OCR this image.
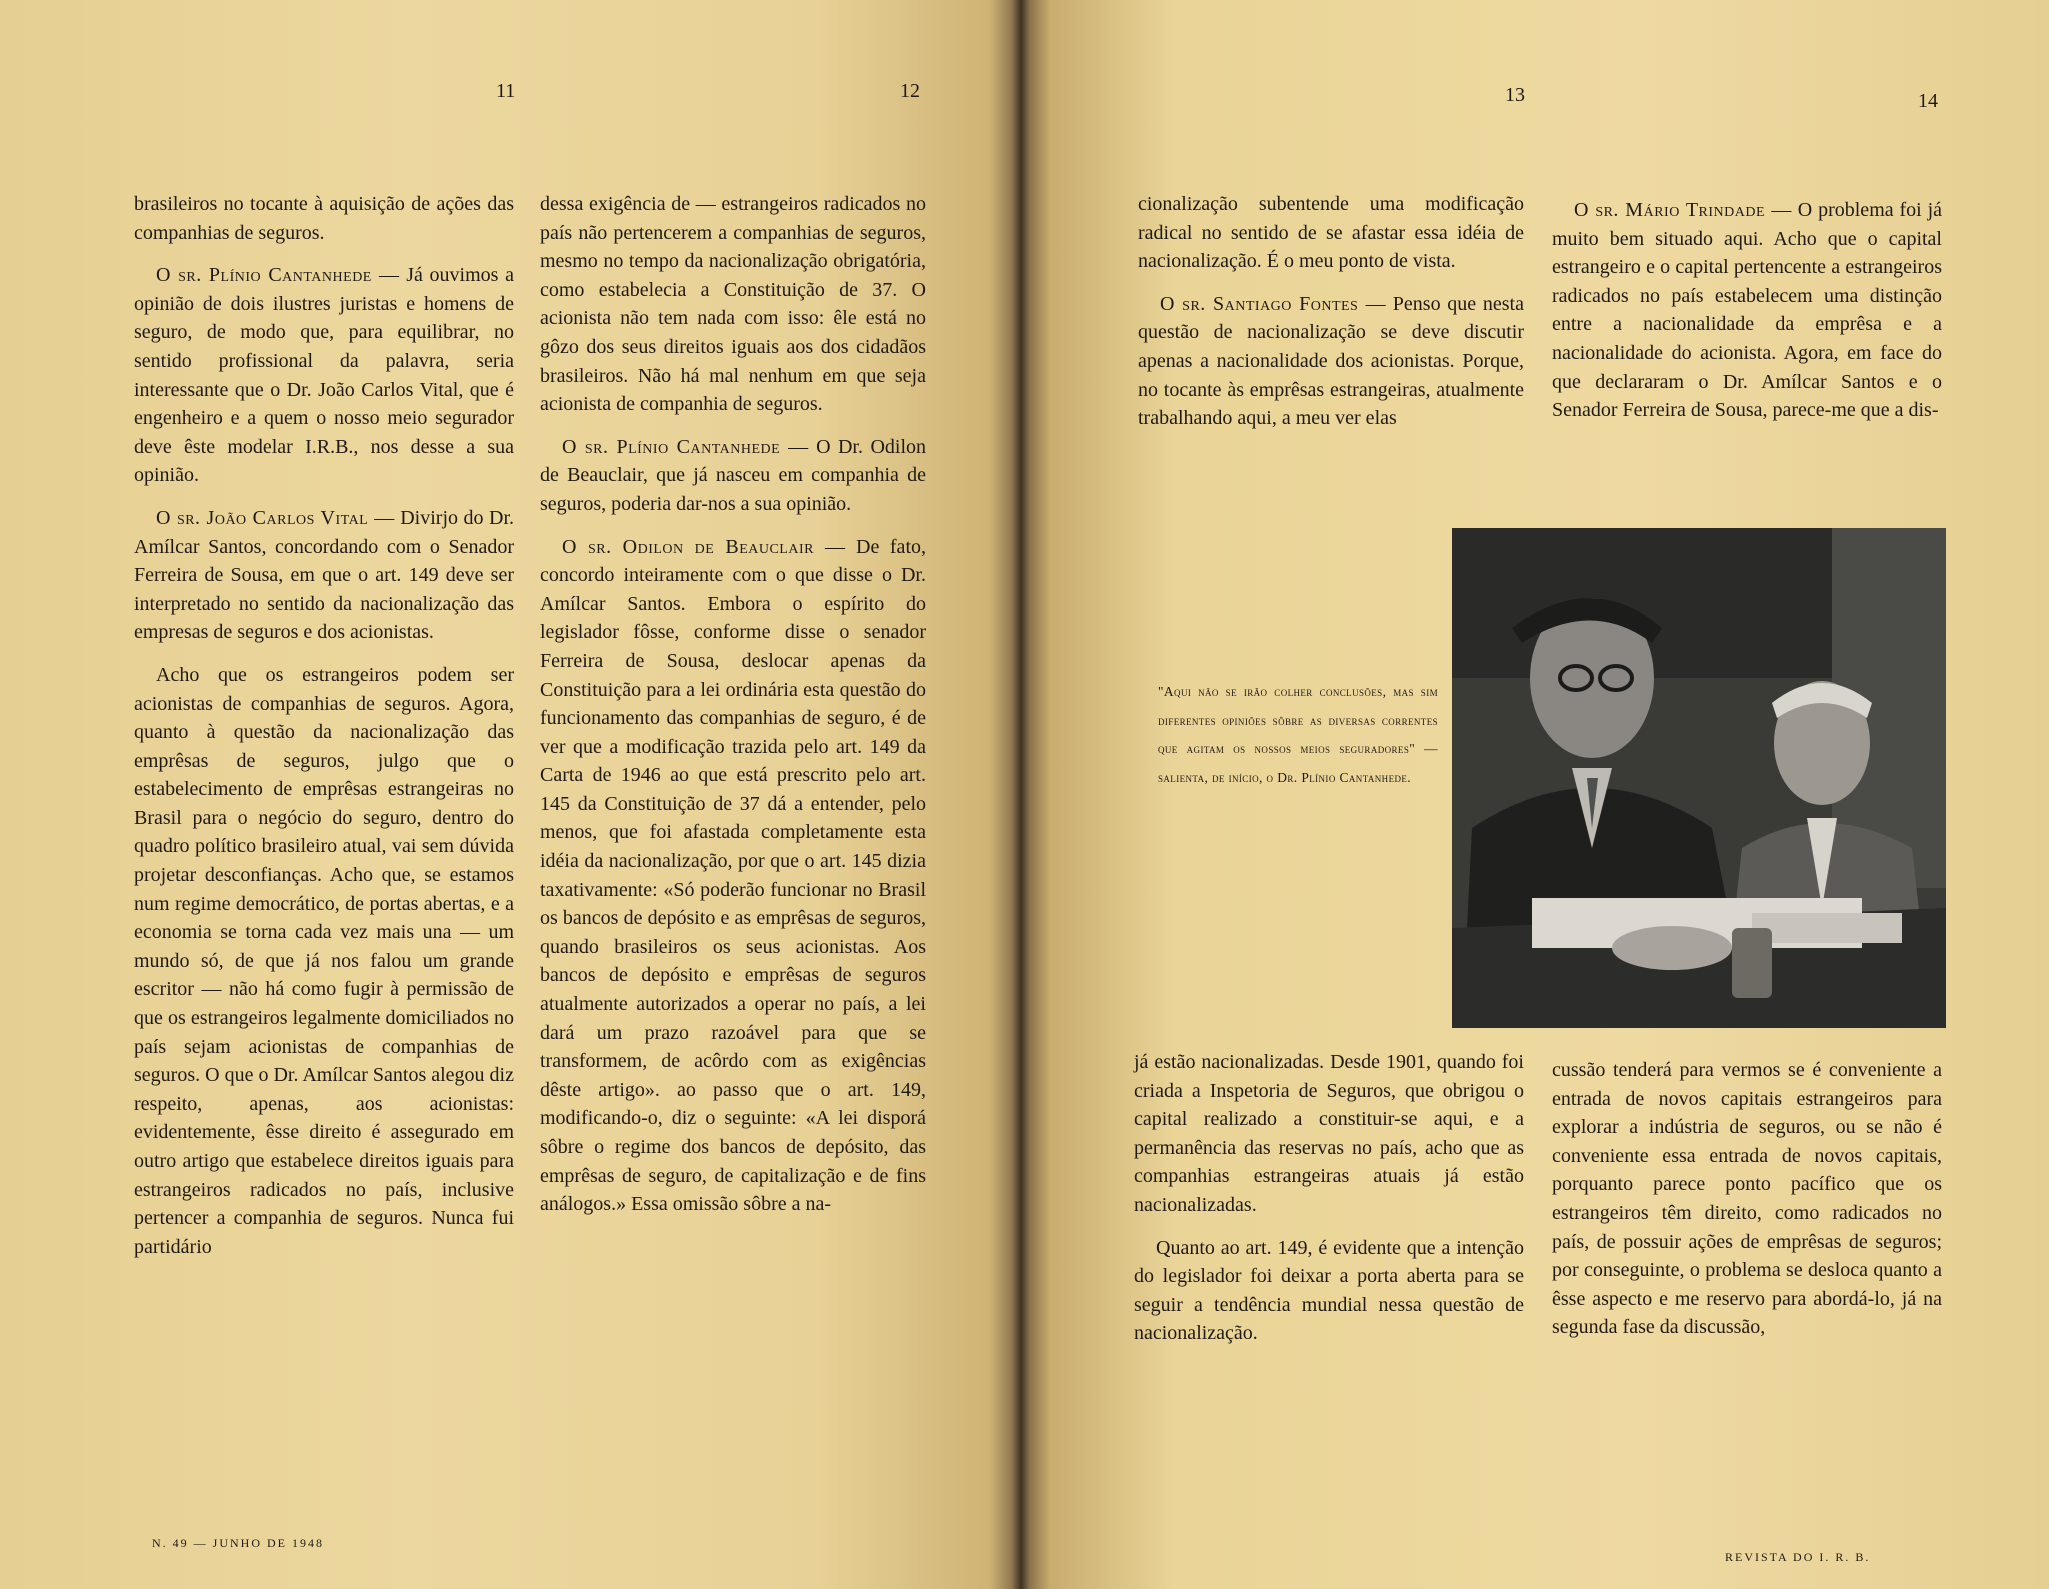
11	12	13	14

brasileiros no tocante à aquisição de ações das companhias de seguros.

O sr. Plínio Cantanhede — Já ouvimos a opinião de dois ilustres juristas e homens de seguro, de modo que, para equilibrar, no sentido profissional da palavra, seria interessante que o Dr. João Carlos Vital, que é engenheiro e a quem o nosso meio segurador deve êste modelar I.R.B., nos desse a sua opinião.

O sr. João Carlos Vital — Divirjo do Dr. Amílcar Santos, concordando com o Senador Ferreira de Sousa, em que o art. 149 deve ser interpretado no sentido da nacionalização das empresas de seguros e dos acionistas.

Acho que os estrangeiros podem ser acionistas de companhias de seguros. Agora, quanto à questão da nacionalização das emprêsas de seguros, julgo que o estabelecimento de emprêsas estrangeiras no Brasil para o negócio do seguro, dentro do quadro político brasileiro atual, vai sem dúvida projetar desconfianças. Acho que, se estamos num regime democrático, de portas abertas, e a economia se torna cada vez mais una — um mundo só, de que já nos falou um grande escritor — não há como fugir à permissão de que os estrangeiros legalmente domiciliados no país sejam acionistas de companhias de seguros. O que o Dr. Amílcar Santos alegou diz respeito, apenas, aos acionistas: evidentemente, êsse direito é assegurado em outro artigo que estabelece direitos iguais para estrangeiros radicados no país, inclusive pertencer a companhia de seguros. Nunca fui partidário

dessa exigência de — estrangeiros radicados no país não pertencerem a companhias de seguros, mesmo no tempo da nacionalização obrigatória, como estabelecia a Constituição de 37. O acionista não tem nada com isso: êle está no gôzo dos seus direitos iguais aos dos cidadãos brasileiros. Não há mal nenhum em que seja acionista de companhia de seguros.

O sr. Plínio Cantanhede — O Dr. Odilon de Beauclair, que já nasceu em companhia de seguros, poderia dar-nos a sua opinião.

O sr. Odilon de Beauclair — De fato, concordo inteiramente com o que disse o Dr. Amílcar Santos. Embora o espírito do legislador fôsse, conforme disse o senador Ferreira de Sousa, deslocar apenas da Constituição para a lei ordinária esta questão do funcionamento das companhias de seguro, é de ver que a modificação trazida pelo art. 149 da Carta de 1946 ao que está prescrito pelo art. 145 da Constituição de 37 dá a entender, pelo menos, que foi afastada completamente esta idéia da nacionalização, por que o art. 145 dizia taxativamente: «Só poderão funcionar no Brasil os bancos de depósito e as emprêsas de seguros, quando brasileiros os seus acionistas. Aos bancos de depósito e emprêsas de seguros atualmente autorizados a operar no país, a lei dará um prazo razoável para que se transformem, de acôrdo com as exigências dêste artigo». ao passo que o art. 149, modificando-o, diz o seguinte: «A lei disporá sôbre o regime dos bancos de depósito, das emprêsas de seguro, de capitalização e de fins análogos.» Essa omissão sôbre a na-

cionalização subentende uma modificação radical no sentido de se afastar essa idéia de nacionalização. É o meu ponto de vista.

O sr. Santiago Fontes — Penso que nesta questão de nacionalização se deve discutir apenas a nacionalidade dos acionistas. Porque, no tocante às emprêsas estrangeiras, atualmente trabalhando aqui, a meu ver elas

O sr. Mário Trindade — O problema foi já muito bem situado aqui. Acho que o capital estrangeiro e o capital pertencente a estrangeiros radicados no país estabelecem uma distinção entre a nacionalidade da emprêsa e a nacionalidade do acionista. Agora, em face do que declararam o Dr. Amílcar Santos e o Senador Ferreira de Sousa, parece-me que a dis-

"Aqui não se irão colher conclusões, mas sim diferentes opiniões sôbre as diversas correntes que agitam os nossos meios seguradores" — salienta, de início, o Dr. Plínio Cantanhede.

já estão nacionalizadas. Desde 1901, quando foi criada a Inspetoria de Seguros, que obrigou o capital realizado a constituir-se aqui, e a permanência das reservas no país, acho que as companhias estrangeiras atuais já estão nacionalizadas.

Quanto ao art. 149, é evidente que a intenção do legislador foi deixar a porta aberta para se seguir a tendência mundial nessa questão de nacionalização.

cussão tenderá para vermos se é conveniente a entrada de novos capitais estrangeiros para explorar a indústria de seguros, ou se não é conveniente essa entrada de novos capitais, porquanto parece ponto pacífico que os estrangeiros têm direito, como radicados no país, de possuir ações de emprêsas de seguros; por conseguinte, o problema se desloca quanto a êsse aspecto e me reservo para abordá-lo, já na segunda fase da discussão,

N. 49 — JUNHO DE 1948
REVISTA DO I. R. B.
